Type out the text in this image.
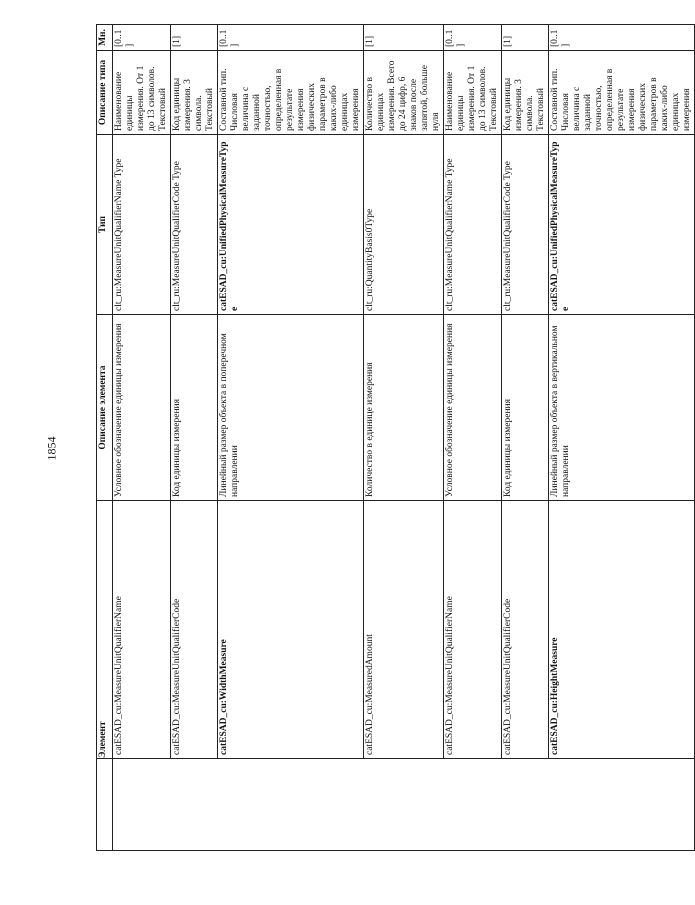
1854
	Элемент	Описание элемента	Тип	Описание типа	Мн.
	catESAD_cu:MeasureUnitQualifierName	Условное обозначение единицы измерения	clt_ru:MeasureUnitQualifierName Type	Наименование единицы измерения. От 1 до 13 символов. Текстовый	[0..1]
	catESAD_cu:MeasureUnitQualifierCode	Код единицы измерения	clt_ru:MeasureUnitQualifierCode Type	Код единицы измерения. 3 символа. Текстовый	[1]
	catESAD_cu:WidthMeasure	Линейный размер объекта в поперечном направлении	catESAD_cu:UnifiedPhysicalMeasureType	Составной тип. Числовая величина с заданной точностью, определенная в результате измерения физических параметров в каких-либо единицах измерения	[0..1]
	catESAD_cu:MeasuredAmount	Количество в единице измерения	clt_ru:QuantityBasis0Type	Количество в единицах измерения. Всего до 24 цифр, 6 знаков после запятой, больше нуля	[1]
	catESAD_cu:MeasureUnitQualifierName	Условное обозначение единицы измерения	clt_ru:MeasureUnitQualifierName Type	Наименование единицы измерения. От 1 до 13 символов. Текстовый	[0..1]
	catESAD_cu:MeasureUnitQualifierCode	Код единицы измерения	clt_ru:MeasureUnitQualifierCode Type	Код единицы измерения. 3 символа. Текстовый	[1]
	catESAD_cu:HeightMeasure	Линейный размер объекта в вертикальном направлении	catESAD_cu:UnifiedPhysicalMeasureType	Составной тип. Числовая величина с заданной точностью, определенная в результате измерения физических параметров в каких-либо единицах измерения	[0..1]
